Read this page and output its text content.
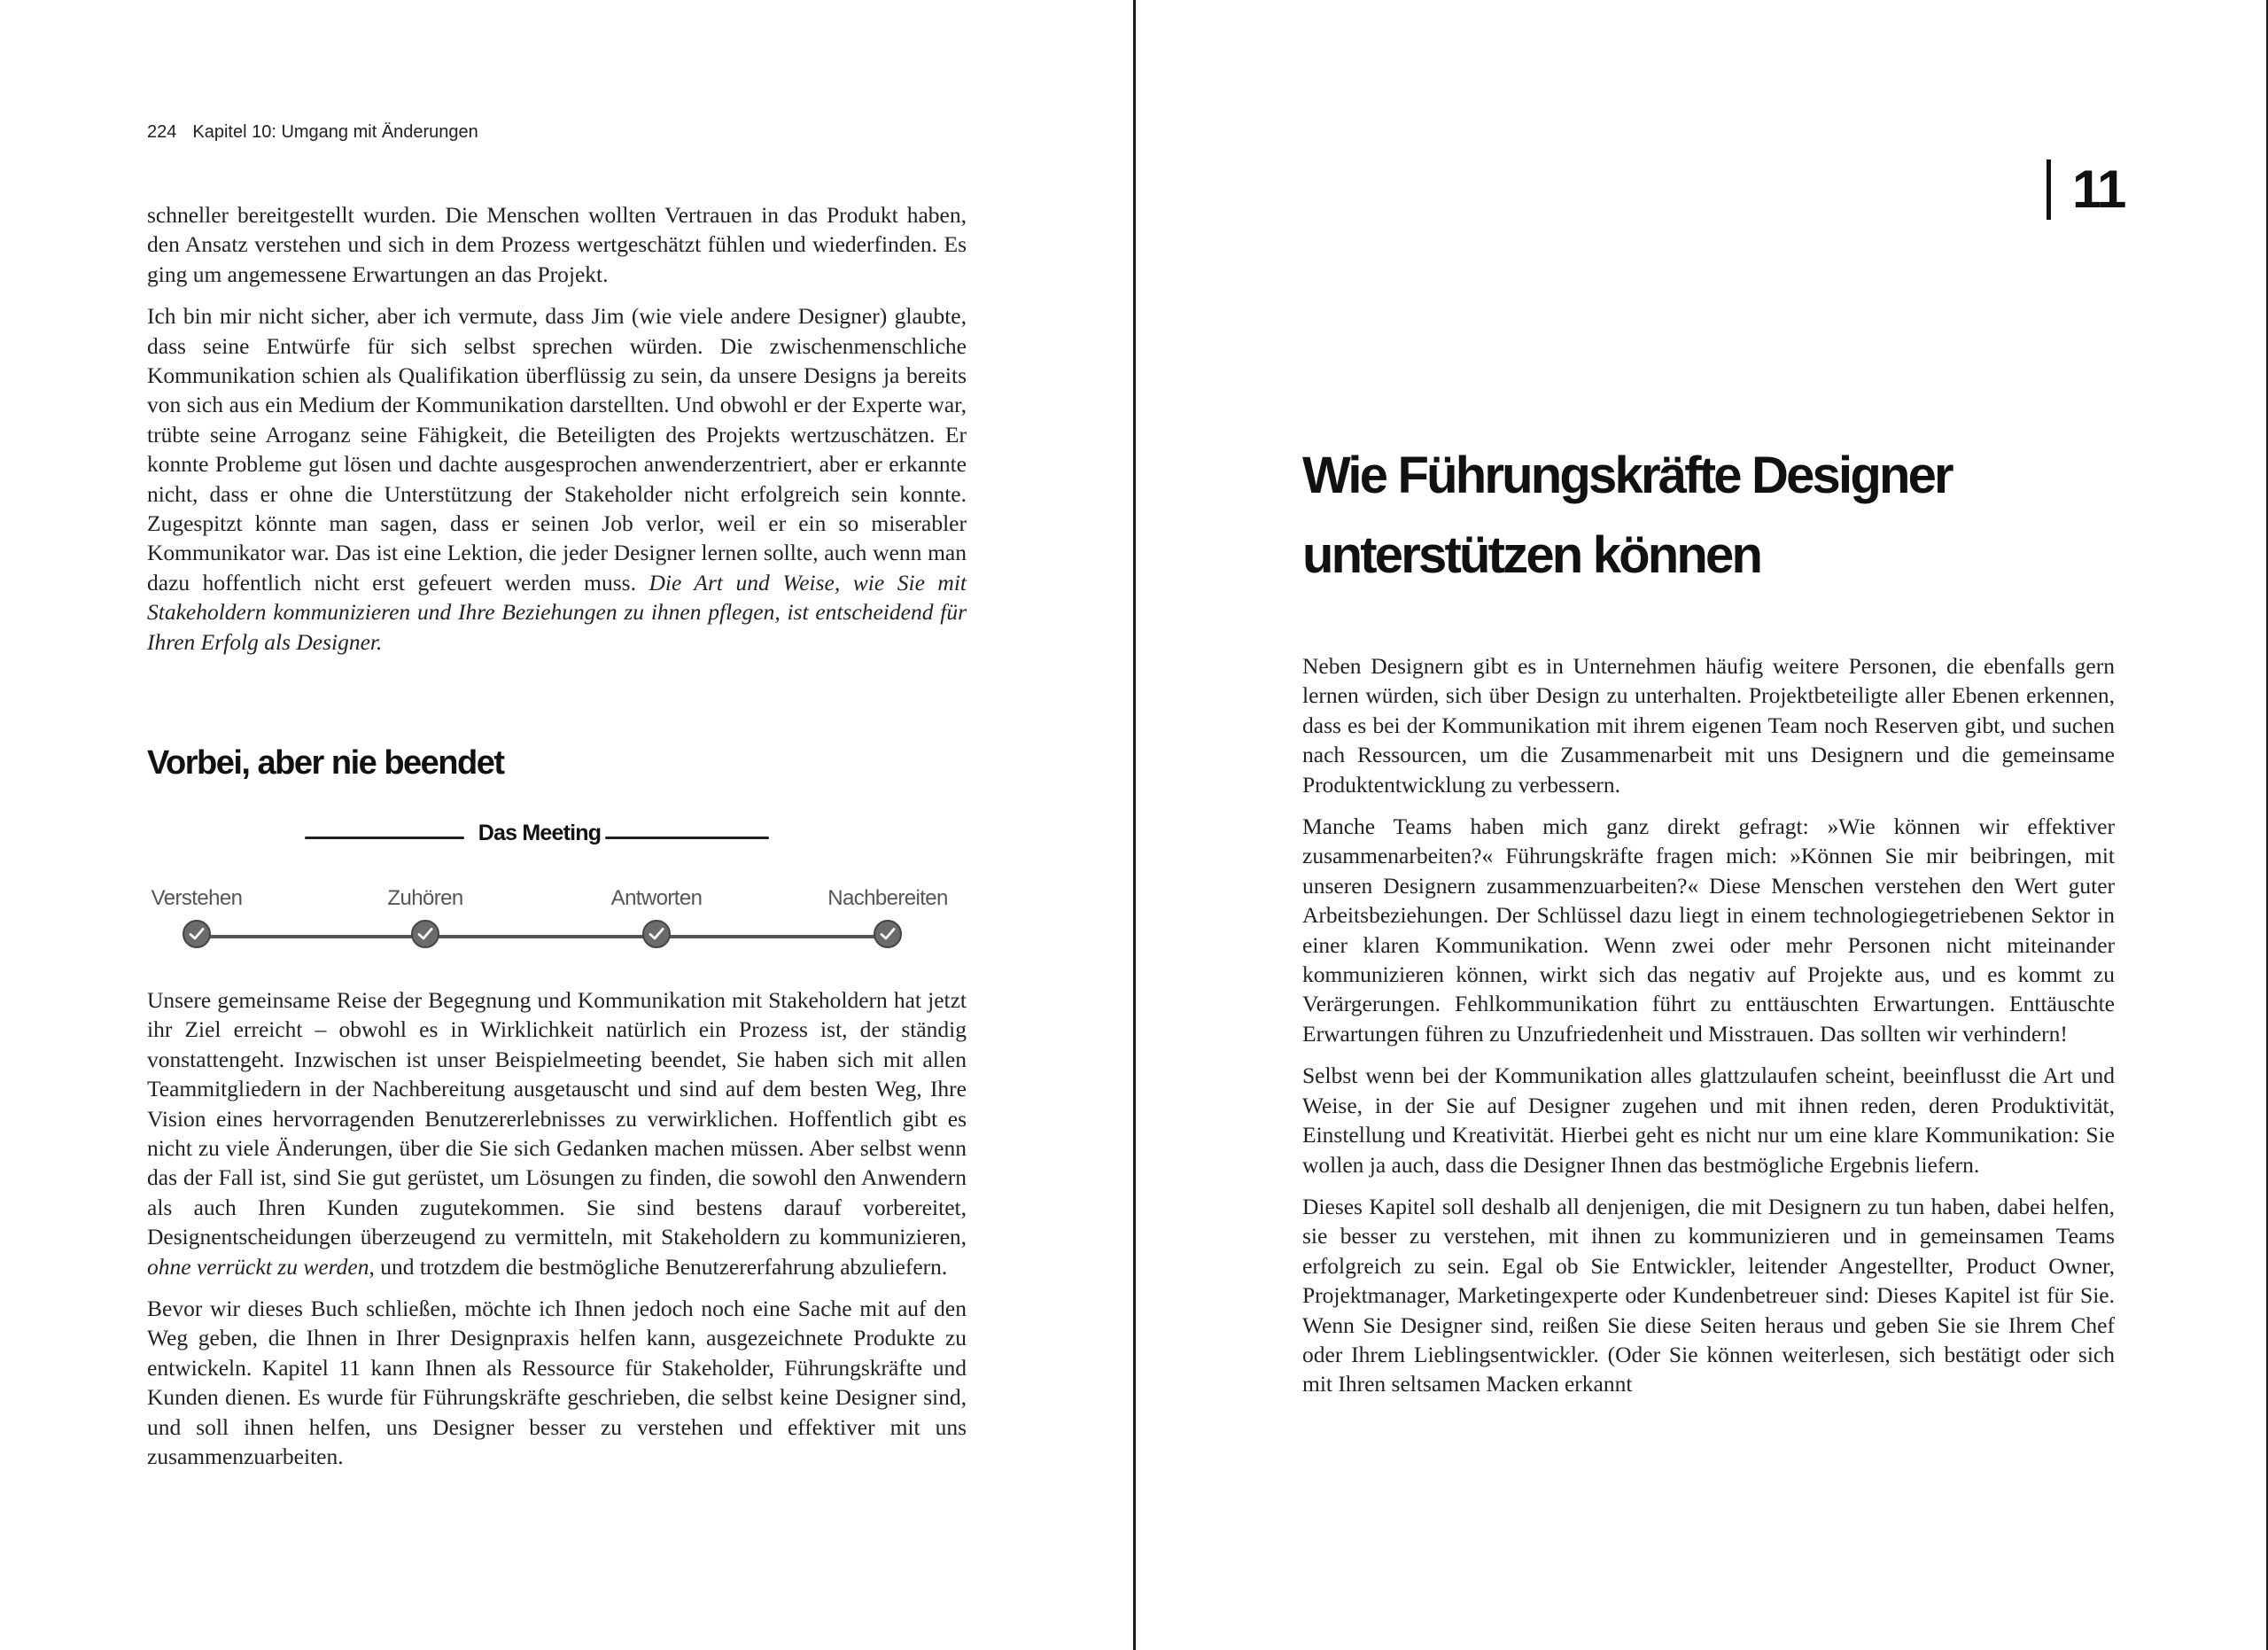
224 Kapitel 10: Umgang mit Änderungen

schneller bereitgestellt wurden. Die Menschen wollten Vertrauen in das Produkt haben, den Ansatz verstehen und sich in dem Prozess wertgeschätzt fühlen und wiederfinden. Es ging um angemessene Erwartungen an das Projekt.

Ich bin mir nicht sicher, aber ich vermute, dass Jim (wie viele andere Designer) glaubte, dass seine Entwürfe für sich selbst sprechen würden. Die zwischenmenschliche Kommunikation schien als Qualifikation überflüssig zu sein, da unsere Designs ja bereits von sich aus ein Medium der Kommunikation darstellten. Und obwohl er der Experte war, trübte seine Arroganz seine Fähigkeit, die Beteiligten des Projekts wertzuschätzen. Er konnte Probleme gut lösen und dachte ausgesprochen anwenderzentriert, aber er erkannte nicht, dass er ohne die Unterstützung der Stakeholder nicht erfolgreich sein konnte. Zugespitzt könnte man sagen, dass er seinen Job verlor, weil er ein so miserabler Kommunikator war. Das ist eine Lektion, die jeder Designer lernen sollte, auch wenn man dazu hoffentlich nicht erst gefeuert werden muss. Die Art und Weise, wie Sie mit Stakeholdern kommunizieren und Ihre Beziehungen zu ihnen pflegen, ist entscheidend für Ihren Erfolg als Designer.

Vorbei, aber nie beendet
Das Meeting
Verstehen	Zuhören	Antworten	Nachbereiten

Unsere gemeinsame Reise der Begegnung und Kommunikation mit Stakeholdern hat jetzt ihr Ziel erreicht – obwohl es in Wirklichkeit natürlich ein Prozess ist, der ständig vonstattengeht. Inzwischen ist unser Beispielmeeting beendet, Sie haben sich mit allen Teammitgliedern in der Nachbereitung ausgetauscht und sind auf dem besten Weg, Ihre Vision eines hervorragenden Benutzererlebnisses zu verwirklichen. Hoffentlich gibt es nicht zu viele Änderungen, über die Sie sich Gedanken machen müssen. Aber selbst wenn das der Fall ist, sind Sie gut gerüstet, um Lösungen zu finden, die sowohl den Anwendern als auch Ihren Kunden zugutekommen. Sie sind bestens darauf vorbereitet, Designentscheidungen überzeugend zu vermitteln, mit Stakeholdern zu kommunizieren, ohne verrückt zu werden, und trotzdem die bestmögliche Benutzererfahrung abzuliefern.

Bevor wir dieses Buch schließen, möchte ich Ihnen jedoch noch eine Sache mit auf den Weg geben, die Ihnen in Ihrer Designpraxis helfen kann, ausgezeichnete Produkte zu entwickeln. Kapitel 11 kann Ihnen als Ressource für Stakeholder, Führungskräfte und Kunden dienen. Es wurde für Führungskräfte geschrieben, die selbst keine Designer sind, und soll ihnen helfen, uns Designer besser zu verstehen und effektiver mit uns zusammenzuarbeiten.

11
Wie Führungskräfte Designer unterstützen können

Neben Designern gibt es in Unternehmen häufig weitere Personen, die ebenfalls gern lernen würden, sich über Design zu unterhalten. Projektbeteiligte aller Ebenen erkennen, dass es bei der Kommunikation mit ihrem eigenen Team noch Reserven gibt, und suchen nach Ressourcen, um die Zusammenarbeit mit uns Designern und die gemeinsame Produktentwicklung zu verbessern.

Manche Teams haben mich ganz direkt gefragt: »Wie können wir effektiver zusammenarbeiten?« Führungskräfte fragen mich: »Können Sie mir beibringen, mit unseren Designern zusammenzuarbeiten?« Diese Menschen verstehen den Wert guter Arbeitsbeziehungen. Der Schlüssel dazu liegt in einem technologiegetriebenen Sektor in einer klaren Kommunikation. Wenn zwei oder mehr Personen nicht miteinander kommunizieren können, wirkt sich das negativ auf Projekte aus, und es kommt zu Verärgerungen. Fehlkommunikation führt zu enttäuschten Erwartungen. Enttäuschte Erwartungen führen zu Unzufriedenheit und Misstrauen. Das sollten wir verhindern!

Selbst wenn bei der Kommunikation alles glattzulaufen scheint, beeinflusst die Art und Weise, in der Sie auf Designer zugehen und mit ihnen reden, deren Produktivität, Einstellung und Kreativität. Hierbei geht es nicht nur um eine klare Kommunikation: Sie wollen ja auch, dass die Designer Ihnen das bestmögliche Ergebnis liefern.

Dieses Kapitel soll deshalb all denjenigen, die mit Designern zu tun haben, dabei helfen, sie besser zu verstehen, mit ihnen zu kommunizieren und in gemeinsamen Teams erfolgreich zu sein. Egal ob Sie Entwickler, leitender Angestellter, Product Owner, Projektmanager, Marketingexperte oder Kundenbetreuer sind: Dieses Kapitel ist für Sie. Wenn Sie Designer sind, reißen Sie diese Seiten heraus und geben Sie sie Ihrem Chef oder Ihrem Lieblingsentwickler. (Oder Sie können weiterlesen, sich bestätigt oder sich mit Ihren seltsamen Macken erkannt
